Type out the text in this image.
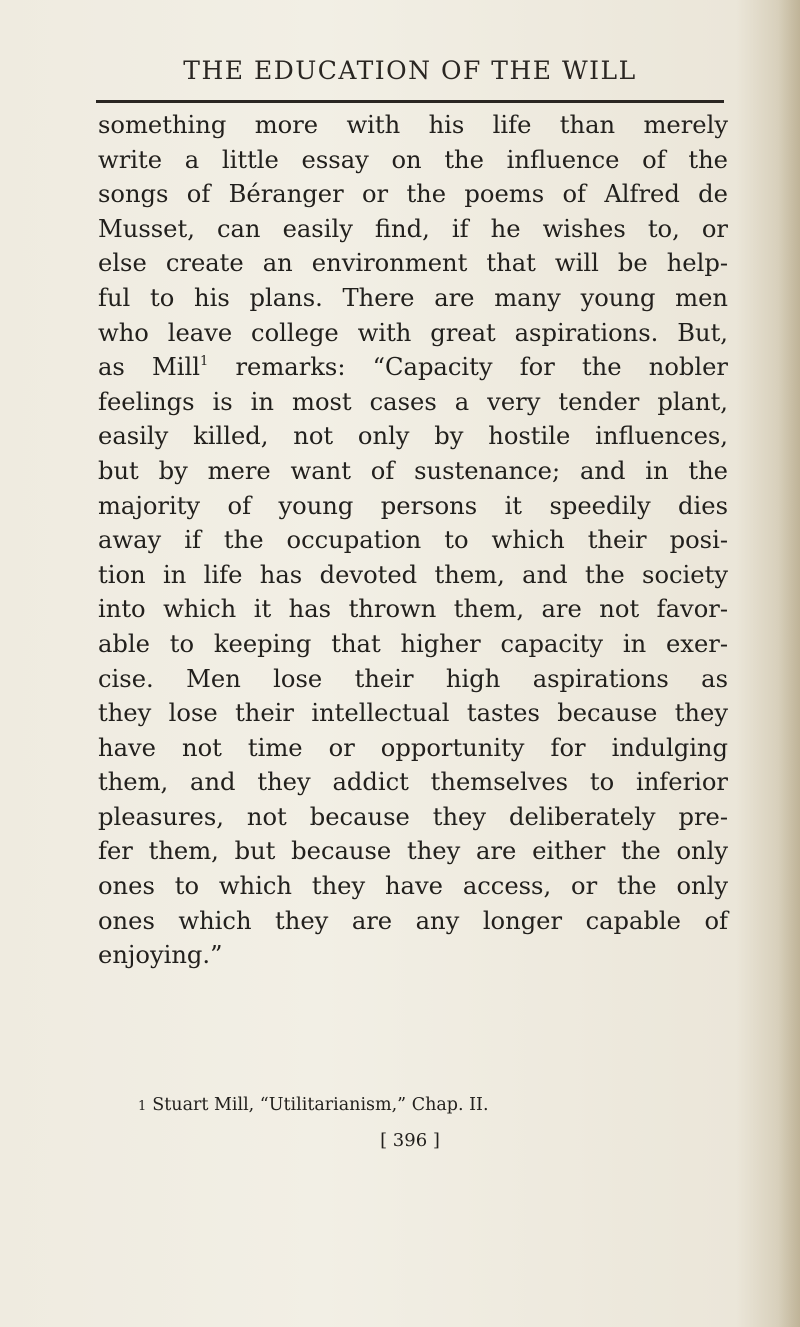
THE EDUCATION OF THE WILL
something more with his life than merely
write a little essay on the influence of the
songs of Béranger or the poems of Alfred de
Musset, can easily find, if he wishes to, or
else create an environment that will be help-
ful to his plans. There are many young men
who leave college with great aspirations. But,
as Mill$^1$ remarks: “Capacity for the nobler
feelings is in most cases a very tender plant,
easily killed, not only by hostile influences,
but by mere want of sustenance; and in the
majority of young persons it speedily dies
away if the occupation to which their posi-
tion in life has devoted them, and the society
into which it has thrown them, are not favor-
able to keeping that higher capacity in exer-
cise. Men lose their high aspirations as
they lose their intellectual tastes because they
have not time or opportunity for indulging
them, and they addict themselves to inferior
pleasures, not because they deliberately pre-
fer them, but because they are either the only
ones to which they have access, or the only
ones which they are any longer capable of
enjoying.”
1 Stuart Mill, “Utilitarianism,” Chap. II.
[ 396 ]
